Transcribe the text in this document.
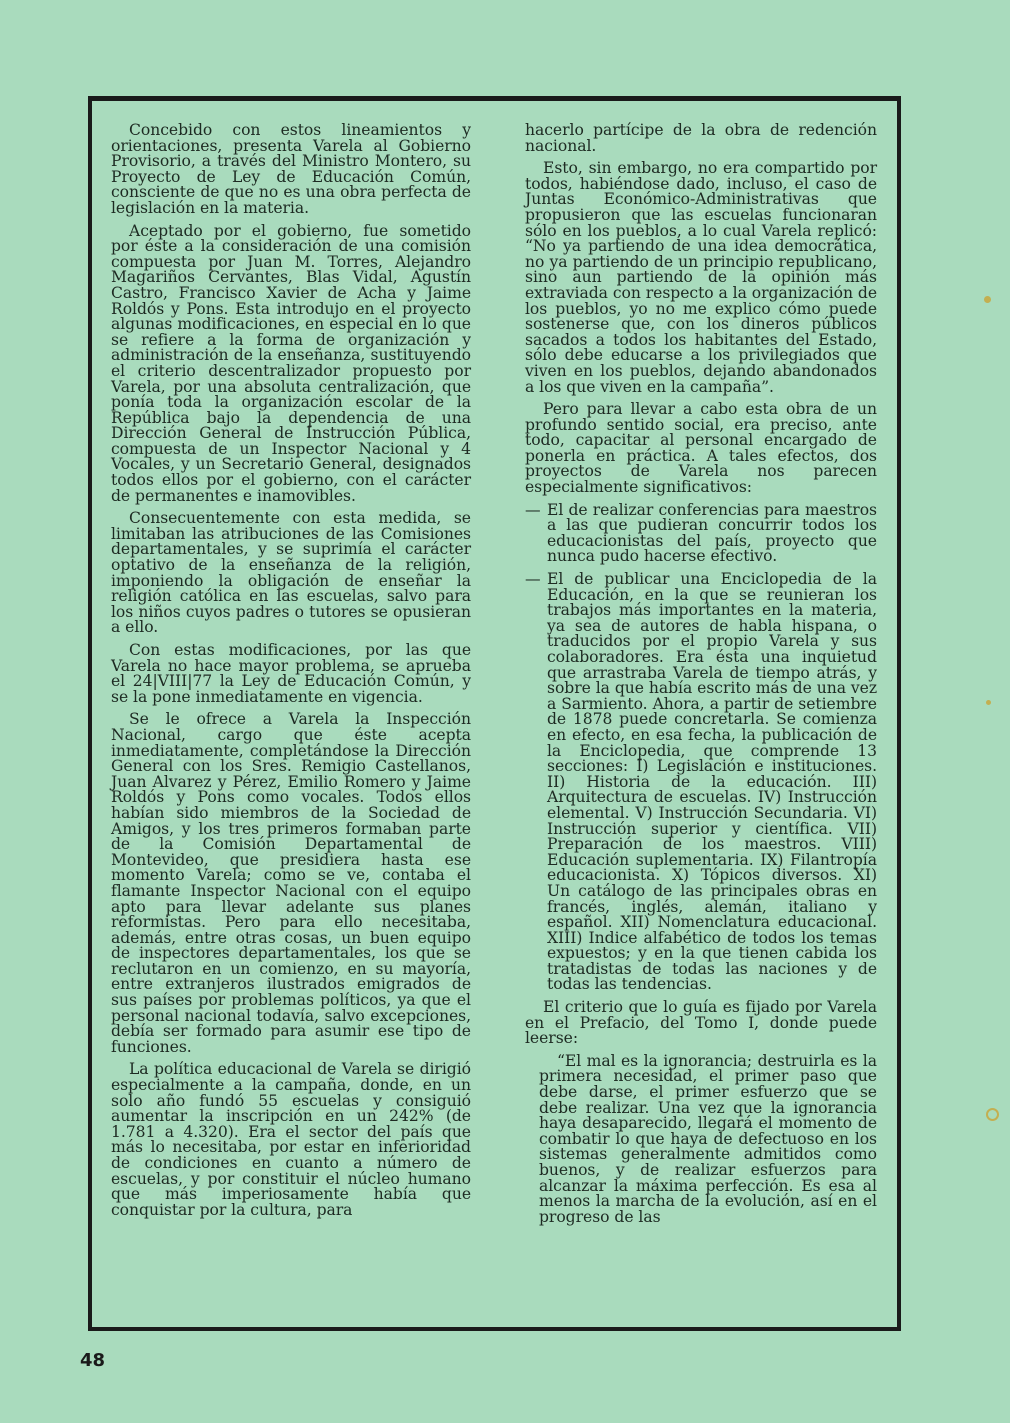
Concebido con estos lineamientos y orientaciones, presenta Varela al Gobierno Provisorio, a través del Ministro Montero, su Proyecto de Ley de Educación Común, consciente de que no es una obra perfecta de legislación en la materia.

Aceptado por el gobierno, fue sometido por éste a la consideración de una comisión compuesta por Juan M. Torres, Alejandro Magariños Cervantes, Blas Vidal, Agustín Castro, Francisco Xavier de Acha y Jaime Roldós y Pons. Esta introdujo en el proyecto algunas modificaciones, en especial en lo que se refiere a la forma de organización y administración de la enseñanza, sustituyendo el criterio descentralizador propuesto por Varela, por una absoluta centralización, que ponía toda la organización escolar de la República bajo la dependencia de una Dirección General de Instrucción Pública, compuesta de un Inspector Nacional y 4 Vocales, y un Secretario General, designados todos ellos por el gobierno, con el carácter de permanentes e inamovibles.

Consecuentemente con esta medida, se limitaban las atribuciones de las Comisiones departamentales, y se suprimía el carácter optativo de la enseñanza de la religión, imponiendo la obligación de enseñar la religión católica en las escuelas, salvo para los niños cuyos padres o tutores se opusieran a ello.

Con estas modificaciones, por las que Varela no hace mayor problema, se aprueba el 24|VIII|77 la Ley de Educación Común, y se la pone inmediatamente en vigencia.

Se le ofrece a Varela la Inspección Nacional, cargo que éste acepta inmediatamente, completándose la Dirección General con los Sres. Remigio Castellanos, Juan Alvarez y Pérez, Emilio Romero y Jaime Roldós y Pons como vocales. Todos ellos habían sido miembros de la Sociedad de Amigos, y los tres primeros formaban parte de la Comisión Departamental de Montevideo, que presidiera hasta ese momento Varela; como se ve, contaba el flamante Inspector Nacional con el equipo apto para llevar adelante sus planes reformistas. Pero para ello necesitaba, además, entre otras cosas, un buen equipo de inspectores departamentales, los que se reclutaron en un comienzo, en su mayoría, entre extranjeros ilustrados emigrados de sus países por problemas políticos, ya que el personal nacional todavía, salvo excepciones, debía ser formado para asumir ese tipo de funciones.

La política educacional de Varela se dirigió especialmente a la campaña, donde, en un solo año fundó 55 escuelas y consiguió aumentar la inscripción en un 242% (de 1.781 a 4.320). Era el sector del país que más lo necesitaba, por estar en inferioridad de condiciones en cuanto a número de escuelas, y por constituir el núcleo humano que más imperiosamente había que conquistar por la cultura, para

hacerlo partícipe de la obra de redención nacional.

Esto, sin embargo, no era compartido por todos, habiéndose dado, incluso, el caso de Juntas Económico-Administrativas que propusieron que las escuelas funcionaran sólo en los pueblos, a lo cual Varela replicó: “No ya partiendo de una idea democrática, no ya partiendo de un principio republicano, sino aun partiendo de la opinión más extraviada con respecto a la organización de los pueblos, yo no me explico cómo puede sostenerse que, con los dineros públicos sacados a todos los habitantes del Estado, sólo debe educarse a los privilegiados que viven en los pueblos, dejando abandonados a los que viven en la campaña”.

Pero para llevar a cabo esta obra de un profundo sentido social, era preciso, ante todo, capacitar al personal encargado de ponerla en práctica. A tales efectos, dos proyectos de Varela nos parecen especialmente significativos:

— El de realizar conferencias para maestros a las que pudieran concurrir todos los educacionistas del país, proyecto que nunca pudo hacerse efectivo.
— El de publicar una Enciclopedia de la Educación, en la que se reunieran los trabajos más importantes en la materia, ya sea de autores de habla hispana, o traducidos por el propio Varela y sus colaboradores. Era ésta una inquietud que arrastraba Varela de tiempo atrás, y sobre la que había escrito más de una vez a Sarmiento. Ahora, a partir de setiembre de 1878 puede concretarla. Se comienza en efecto, en esa fecha, la publicación de la Enciclopedia, que comprende 13 secciones: I) Legislación e instituciones. II) Historia de la educación. III) Arquitectura de escuelas. IV) Instrucción elemental. V) Instrucción Secundaria. VI) Instrucción superior y científica. VII) Preparación de los maestros. VIII) Educación suplementaria. IX) Filantropía educacionista. X) Tópicos diversos. XI) Un catálogo de las principales obras en francés, inglés, alemán, italiano y español. XII) Nomenclatura educacional. XIII) Indice alfabético de todos los temas expuestos; y en la que tienen cabida los tratadistas de todas las naciones y de todas las tendencias.

El criterio que lo guía es fijado por Varela en el Prefacio, del Tomo I, donde puede leerse:

“El mal es la ignorancia; destruirla es la primera necesidad, el primer paso que debe darse, el primer esfuerzo que se debe realizar. Una vez que la ignorancia haya desaparecido, llegará el momento de combatir lo que haya de defectuoso en los sistemas generalmente admitidos como buenos, y de realizar esfuerzos para alcanzar la máxima perfección. Es esa al menos la marcha de la evolución, así en el progreso de las

48
